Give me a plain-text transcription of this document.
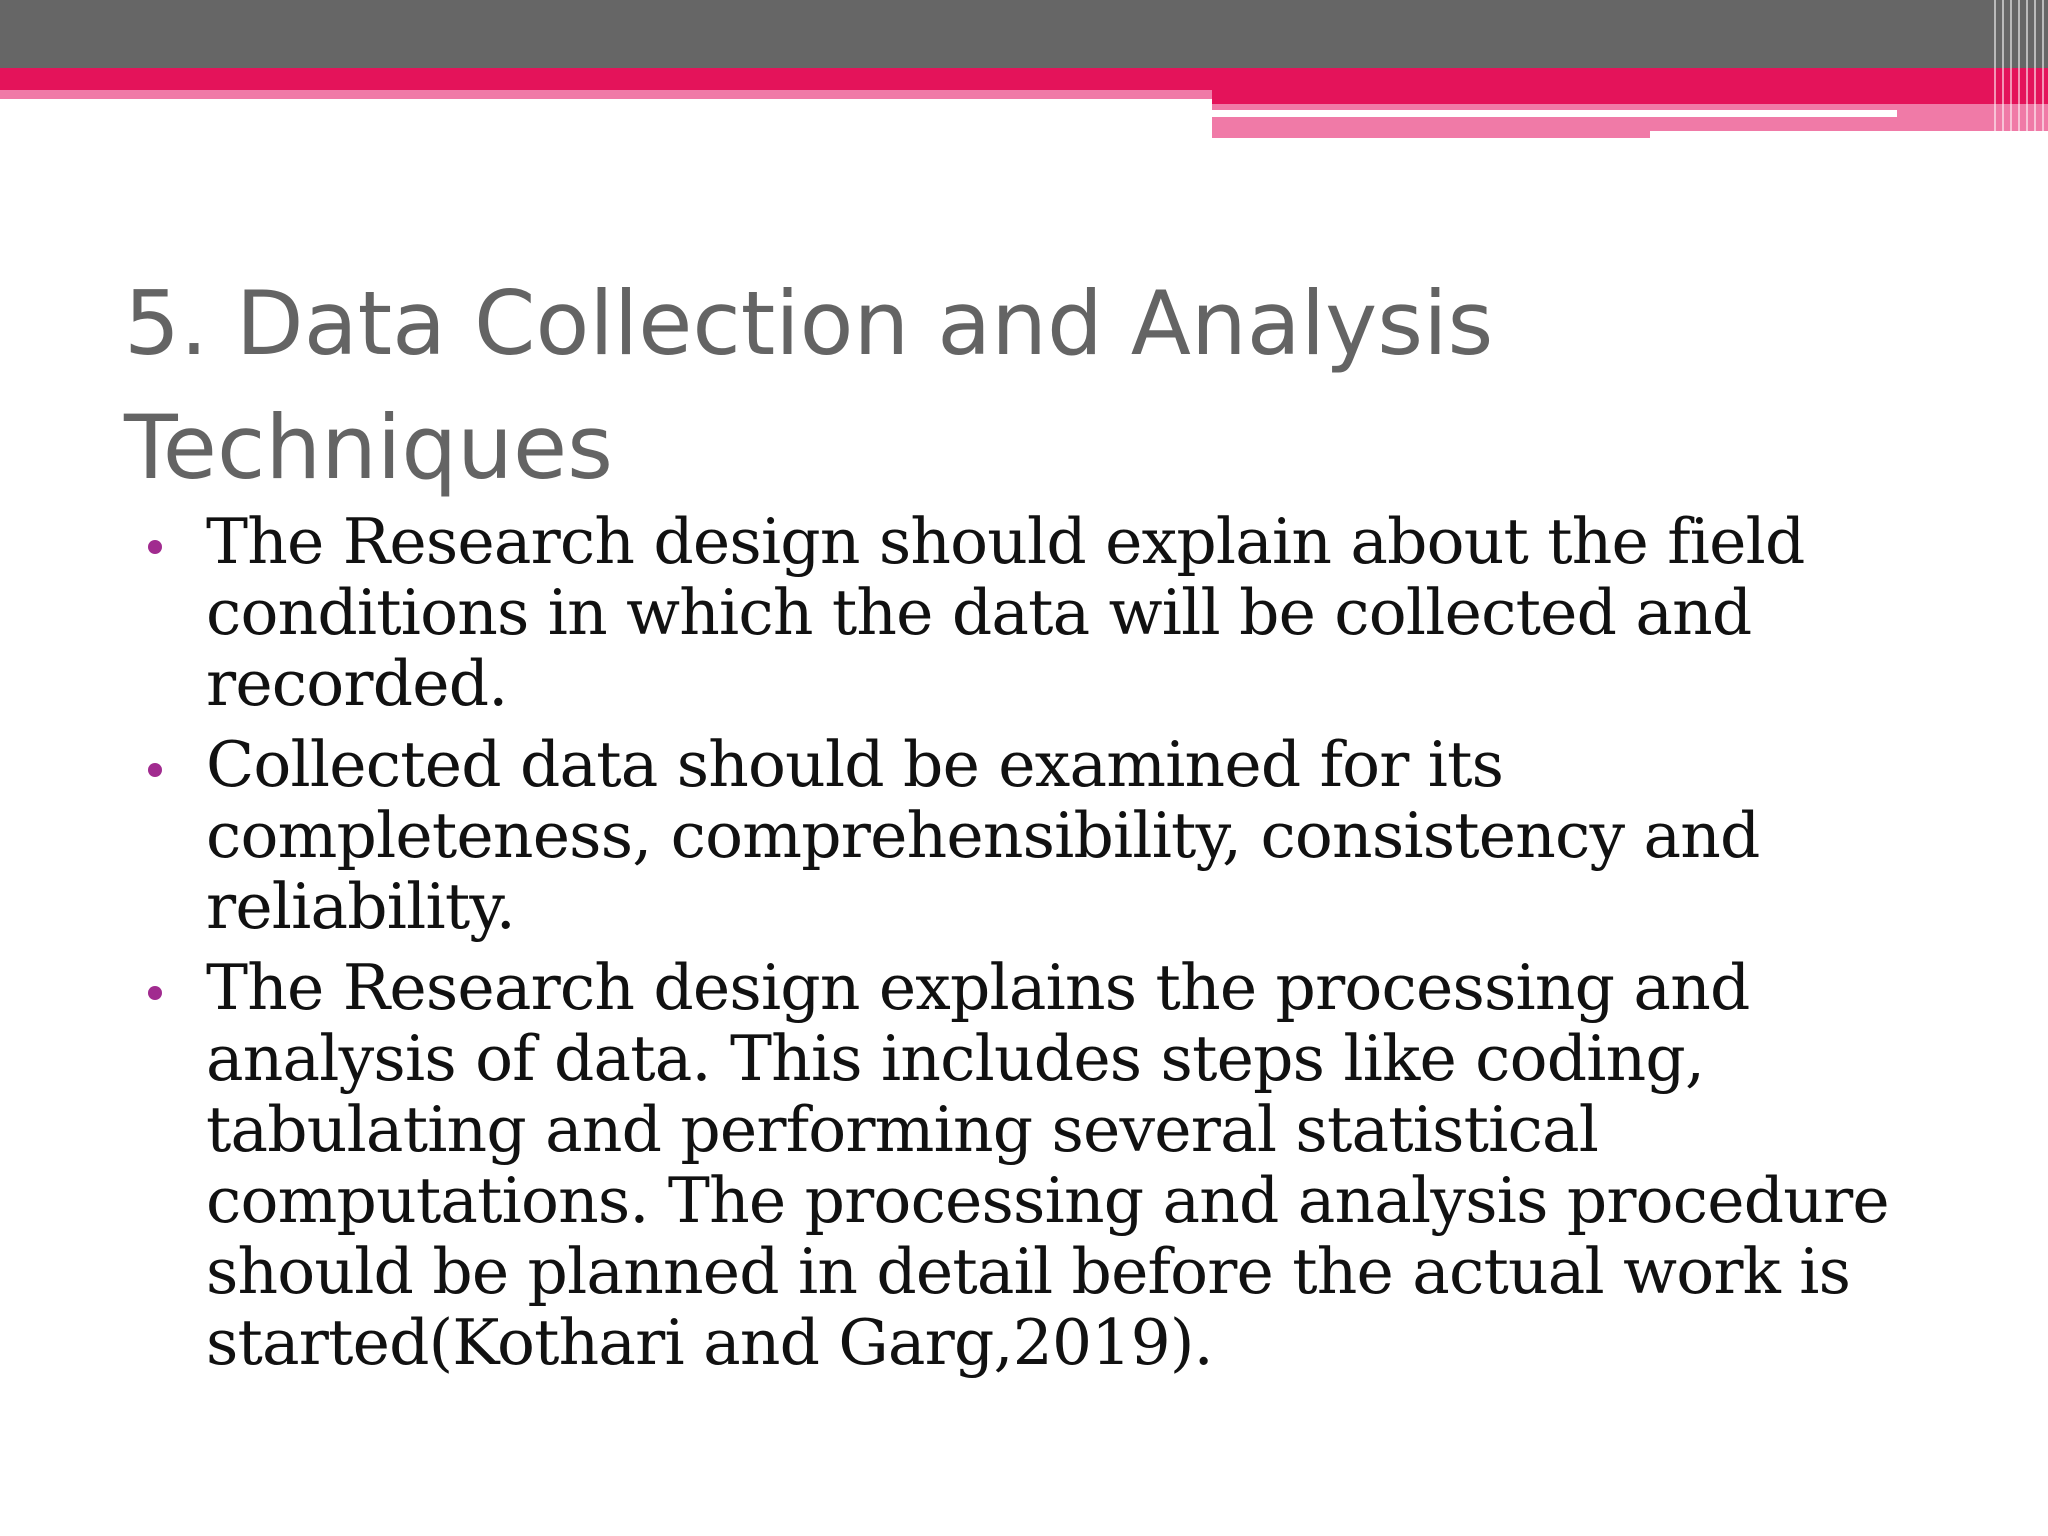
5. Data Collection and Analysis Techniques
The Research design should explain about the field conditions in which the data will be collected and recorded.
Collected data should be examined for its completeness, comprehensibility, consistency and reliability.
The Research design explains the processing and analysis of data. This includes steps like coding, tabulating and performing several statistical computations. The processing and analysis procedure should be planned in detail before the actual work is started(Kothari and Garg,2019).
